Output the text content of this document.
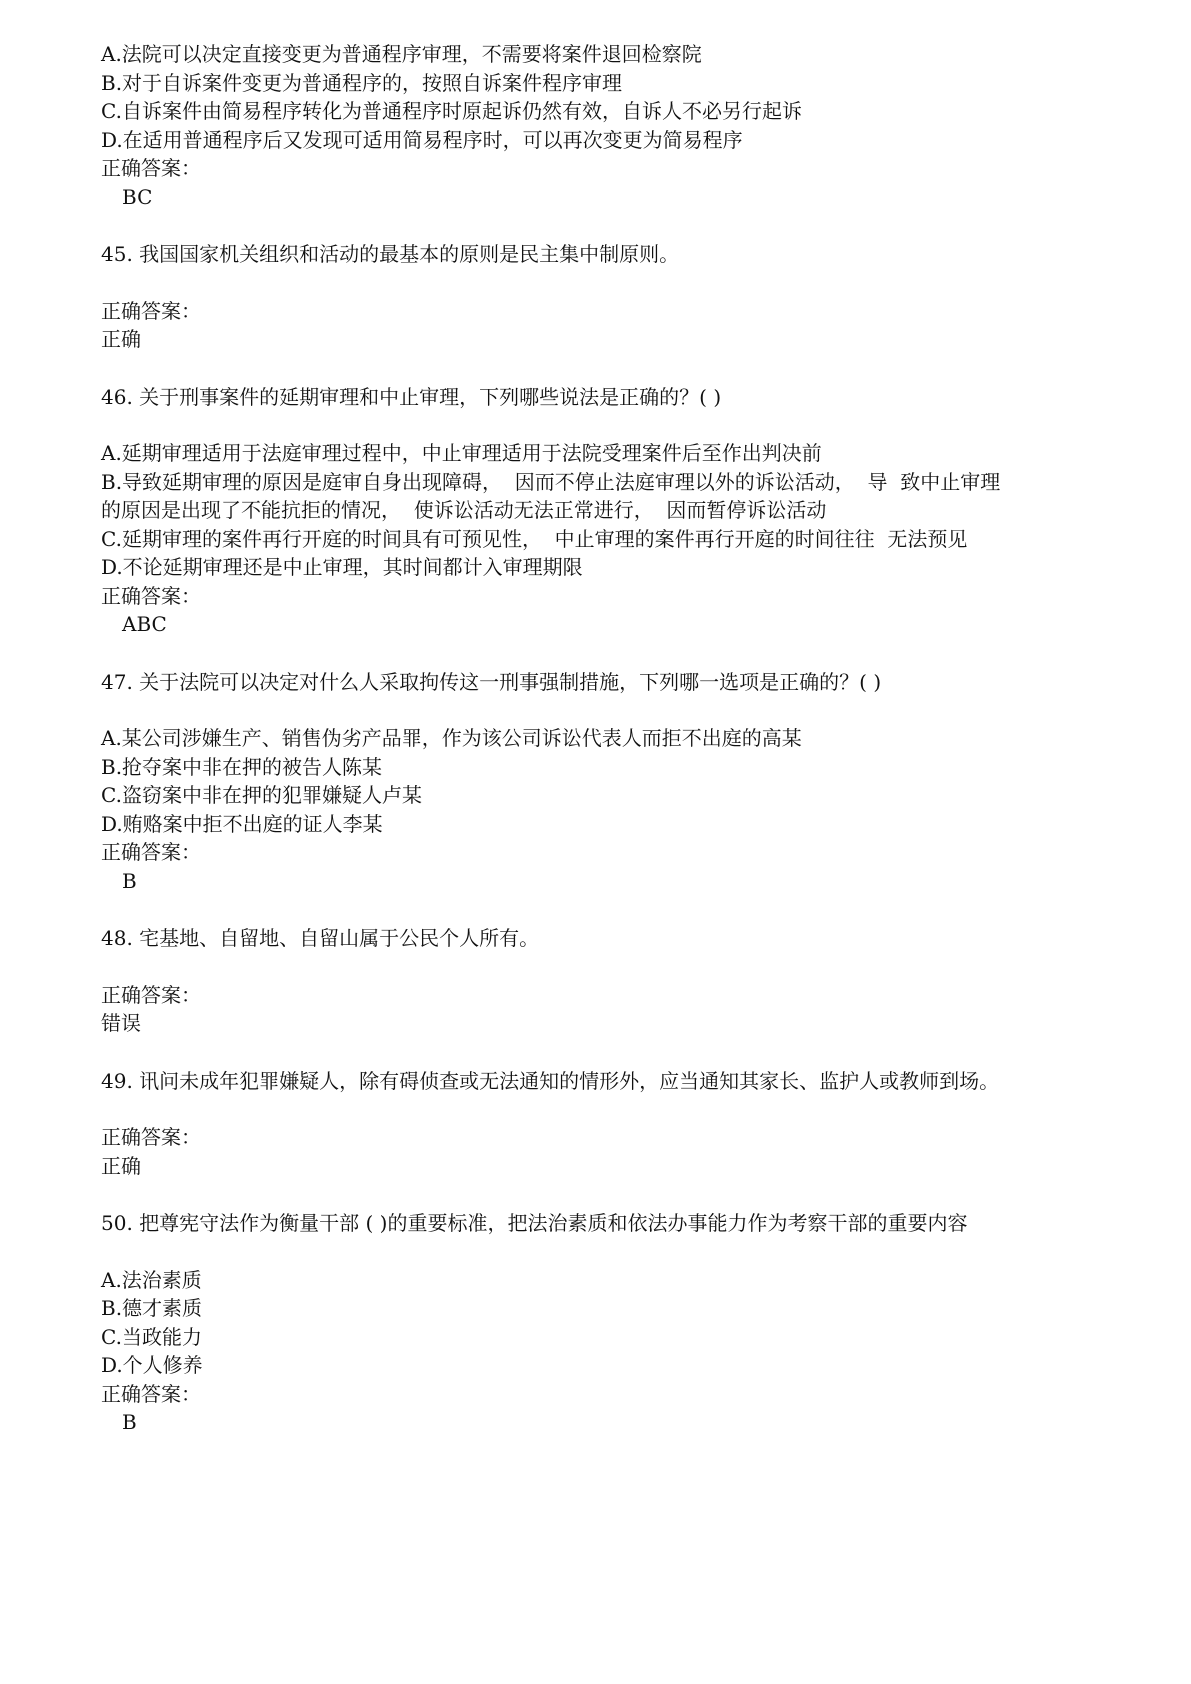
A.法院可以决定直接变更为普通程序审理，不需要将案件退回检察院

B.对于自诉案件变更为普通程序的，按照自诉案件程序审理

C.自诉案件由简易程序转化为普通程序时原起诉仍然有效，自诉人不必另行起诉

D.在适用普通程序后又发现可适用简易程序时，可以再次变更为简易程序

正确答案：

BC

45. 我国国家机关组织和活动的最基本的原则是民主集中制原则。

正确答案：

正确

46. 关于刑事案件的延期审理和中止审理，下列哪些说法是正确的？( )

A.延期审理适用于法庭审理过程中，中止审理适用于法院受理案件后至作出判决前

B.导致延期审理的原因是庭审自身出现障碍，  因而不停止法庭审理以外的诉讼活动，  导  致中止审理

的原因是出现了不能抗拒的情况，  使诉讼活动无法正常进行，  因而暂停诉讼活动

C.延期审理的案件再行开庭的时间具有可预见性，  中止审理的案件再行开庭的时间往往  无法预见

D.不论延期审理还是中止审理，其时间都计入审理期限

正确答案：

ABC

47. 关于法院可以决定对什么人采取拘传这一刑事强制措施，下列哪一选项是正确的？( )

A.某公司涉嫌生产、销售伪劣产品罪，作为该公司诉讼代表人而拒不出庭的高某

B.抢夺案中非在押的被告人陈某

C.盗窃案中非在押的犯罪嫌疑人卢某

D.贿赂案中拒不出庭的证人李某

正确答案：

B

48. 宅基地、自留地、自留山属于公民个人所有。

正确答案：

错误

49. 讯问未成年犯罪嫌疑人，除有碍侦查或无法通知的情形外，应当通知其家长、监护人或教师到场。

正确答案：

正确

50. 把尊宪守法作为衡量干部 ( )的重要标准，把法治素质和依法办事能力作为考察干部的重要内容

A.法治素质

B.德才素质

C.当政能力

D.个人修养

正确答案：

B
